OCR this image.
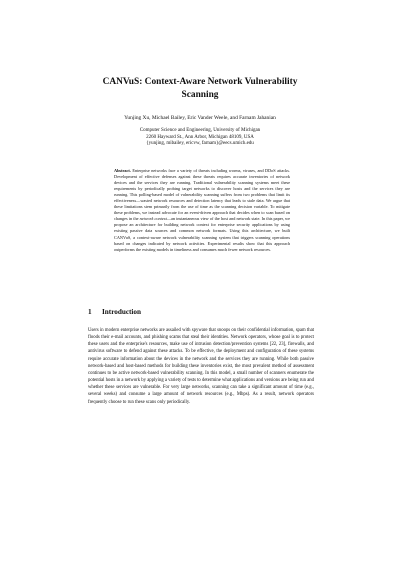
CANVuS: Context-Aware Network Vulnerability
Scanning
Yunjing Xu, Michael Bailey, Eric Vander Weele, and Farnam Jahanian
Computer Science and Engineering, University of Michigan
2260 Hayward St., Ann Arbor, Michigan 48109, USA
{yunjing, mibailey, ericvw, farnam}@eecs.umich.edu
Abstract. Enterprise networks face a variety of threats including worms, viruses, and DDoS attacks. Development of effective defenses against these threats requires accurate inventories of network devices and the services they are running. Traditional vulnerability scanning systems meet these requirements by periodically probing target networks to discover hosts and the services they are running. This polling-based model of vulnerability scanning suffers from two problems that limit its effectiveness—wasted network resources and detection latency that leads to stale data. We argue that these limitations stem primarily from the use of time as the scanning decision variable. To mitigate these problems, we instead advocate for an event-driven approach that decides when to scan based on changes in the network context—an instantaneous view of the host and network state. In this paper, we propose an architecture for building network context for enterprise security applications by using existing passive data sources and common network formats. Using this architecture, we built CANVuS, a context-aware network vulnerability scanning system that triggers scanning operations based on changes indicated by network activities. Experimental results show that this approach outperforms the existing models in timeliness and consumes much fewer network resources.
1 Introduction
Users in modern enterprise networks are assailed with spyware that snoops on their confidential information, spam that floods their e-mail accounts, and phishing scams that steal their identities. Network operators, whose goal is to protect these users and the enterprise's resources, make use of intrusion detection/prevention systems [22, 23], firewalls, and antivirus software to defend against these attacks. To be effective, the deployment and configuration of these systems require accurate information about the devices in the network and the services they are running. While both passive network-based and host-based methods for building these inventories exist, the most prevalent method of assessment continues to be active network-based vulnerability scanning. In this model, a small number of scanners enumerate the potential hosts in a network by applying a variety of tests to determine what applications and versions are being run and whether these services are vulnerable. For very large networks, scanning can take a significant amount of time (e.g., several weeks) and consume a large amount of network resources (e.g., Mbps). As a result, network operators frequently choose to run these scans only periodically.
